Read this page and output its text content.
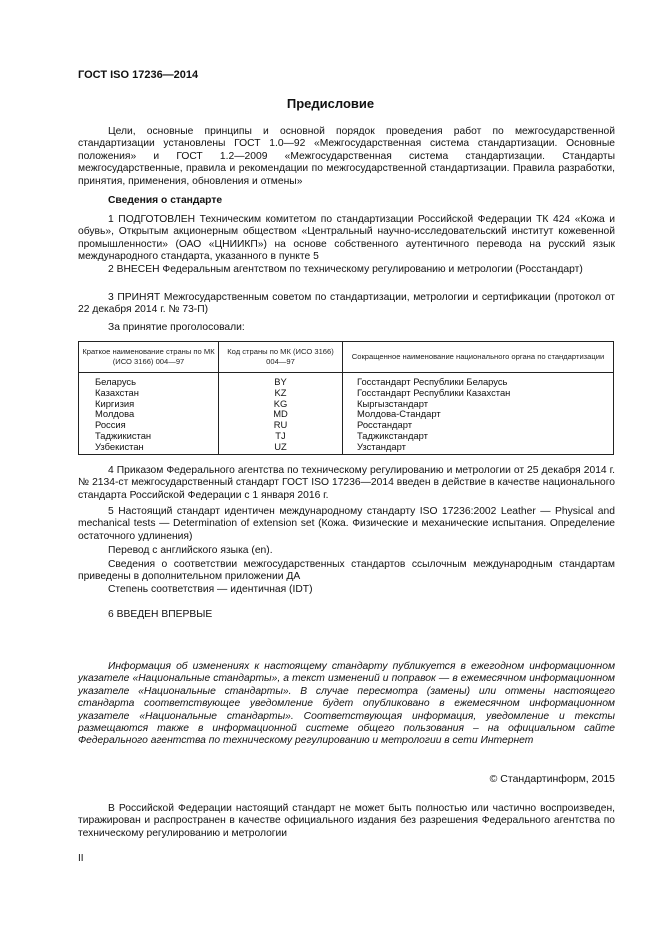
ГОСТ ISO 17236—2014
Предисловие

Цели, основные принципы и основной порядок проведения работ по межгосударственной стандартизации установлены ГОСТ 1.0—92 «Межгосударственная система стандартизации. Основные положения» и ГОСТ 1.2—2009 «Межгосударственная система стандартизации. Стандарты межгосударственные, правила и рекомендации по межгосударственной стандартизации. Правила разработки, принятия, применения, обновления и отмены»

Сведения о стандарте

1 ПОДГОТОВЛЕН Техническим комитетом по стандартизации Российской Федерации ТК 424 «Кожа и обувь», Открытым акционерным обществом «Центральный научно-исследовательский институт кожевенной промышленности» (ОАО «ЦНИИКП») на основе собственного аутентичного перевода на русский язык международного стандарта, указанного в пункте 5

2 ВНЕСЕН Федеральным агентством по техническому регулированию и метрологии (Росстандарт)

3 ПРИНЯТ Межгосударственным советом по стандартизации, метрологии и сертификации (протокол от 22 декабря 2014 г. № 73-П)

За принятие проголосовали:

Краткое наименование страны по МК (ИСО 3166) 004—97	Код страны по МК (ИСО 3166) 004—97	Сокращенное наименование национального органа по стандартизации
Беларусь	BY	Госстандарт Республики Беларусь
Казахстан	KZ	Госстандарт Республики Казахстан
Киргизия	KG	Кыргызстандарт
Молдова	MD	Молдова-Стандарт
Россия	RU	Росстандарт
Таджикистан	TJ	Таджикстандарт
Узбекистан	UZ	Узстандарт

4 Приказом Федерального агентства по техническому регулированию и метрологии от 25 декабря 2014 г. № 2134-ст межгосударственный стандарт ГОСТ ISO 17236—2014 введен в действие в качестве национального стандарта Российской Федерации с 1 января 2016 г.

5 Настоящий стандарт идентичен международному стандарту ISO 17236:2002 Leather — Physical and mechanical tests — Determination of extension set (Кожа. Физические и механические испытания. Определение остаточного удлинения)

Перевод с английского языка (en).

Сведения о соответствии межгосударственных стандартов ссылочным международным стандартам приведены в дополнительном приложении ДА

Степень соответствия — идентичная (IDT)

6 ВВЕДЕН ВПЕРВЫЕ

Информация об изменениях к настоящему стандарту публикуется в ежегодном информационном указателе «Национальные стандарты», а текст изменений и поправок — в ежемесячном информационном указателе «Национальные стандарты». В случае пересмотра (замены) или отмены настоящего стандарта соответствующее уведомление будет опубликовано в ежемесячном информационном указателе «Национальные стандарты». Соответствующая информация, уведомление и тексты размещаются также в информационной системе общего пользования – на официальном сайте Федерального агентства по техническому регулированию и метрологии в сети Интернет

© Стандартинформ, 2015

В Российской Федерации настоящий стандарт не может быть полностью или частично воспроизведен, тиражирован и распространен в качестве официального издания без разрешения Федерального агентства по техническому регулированию и метрологии

II
